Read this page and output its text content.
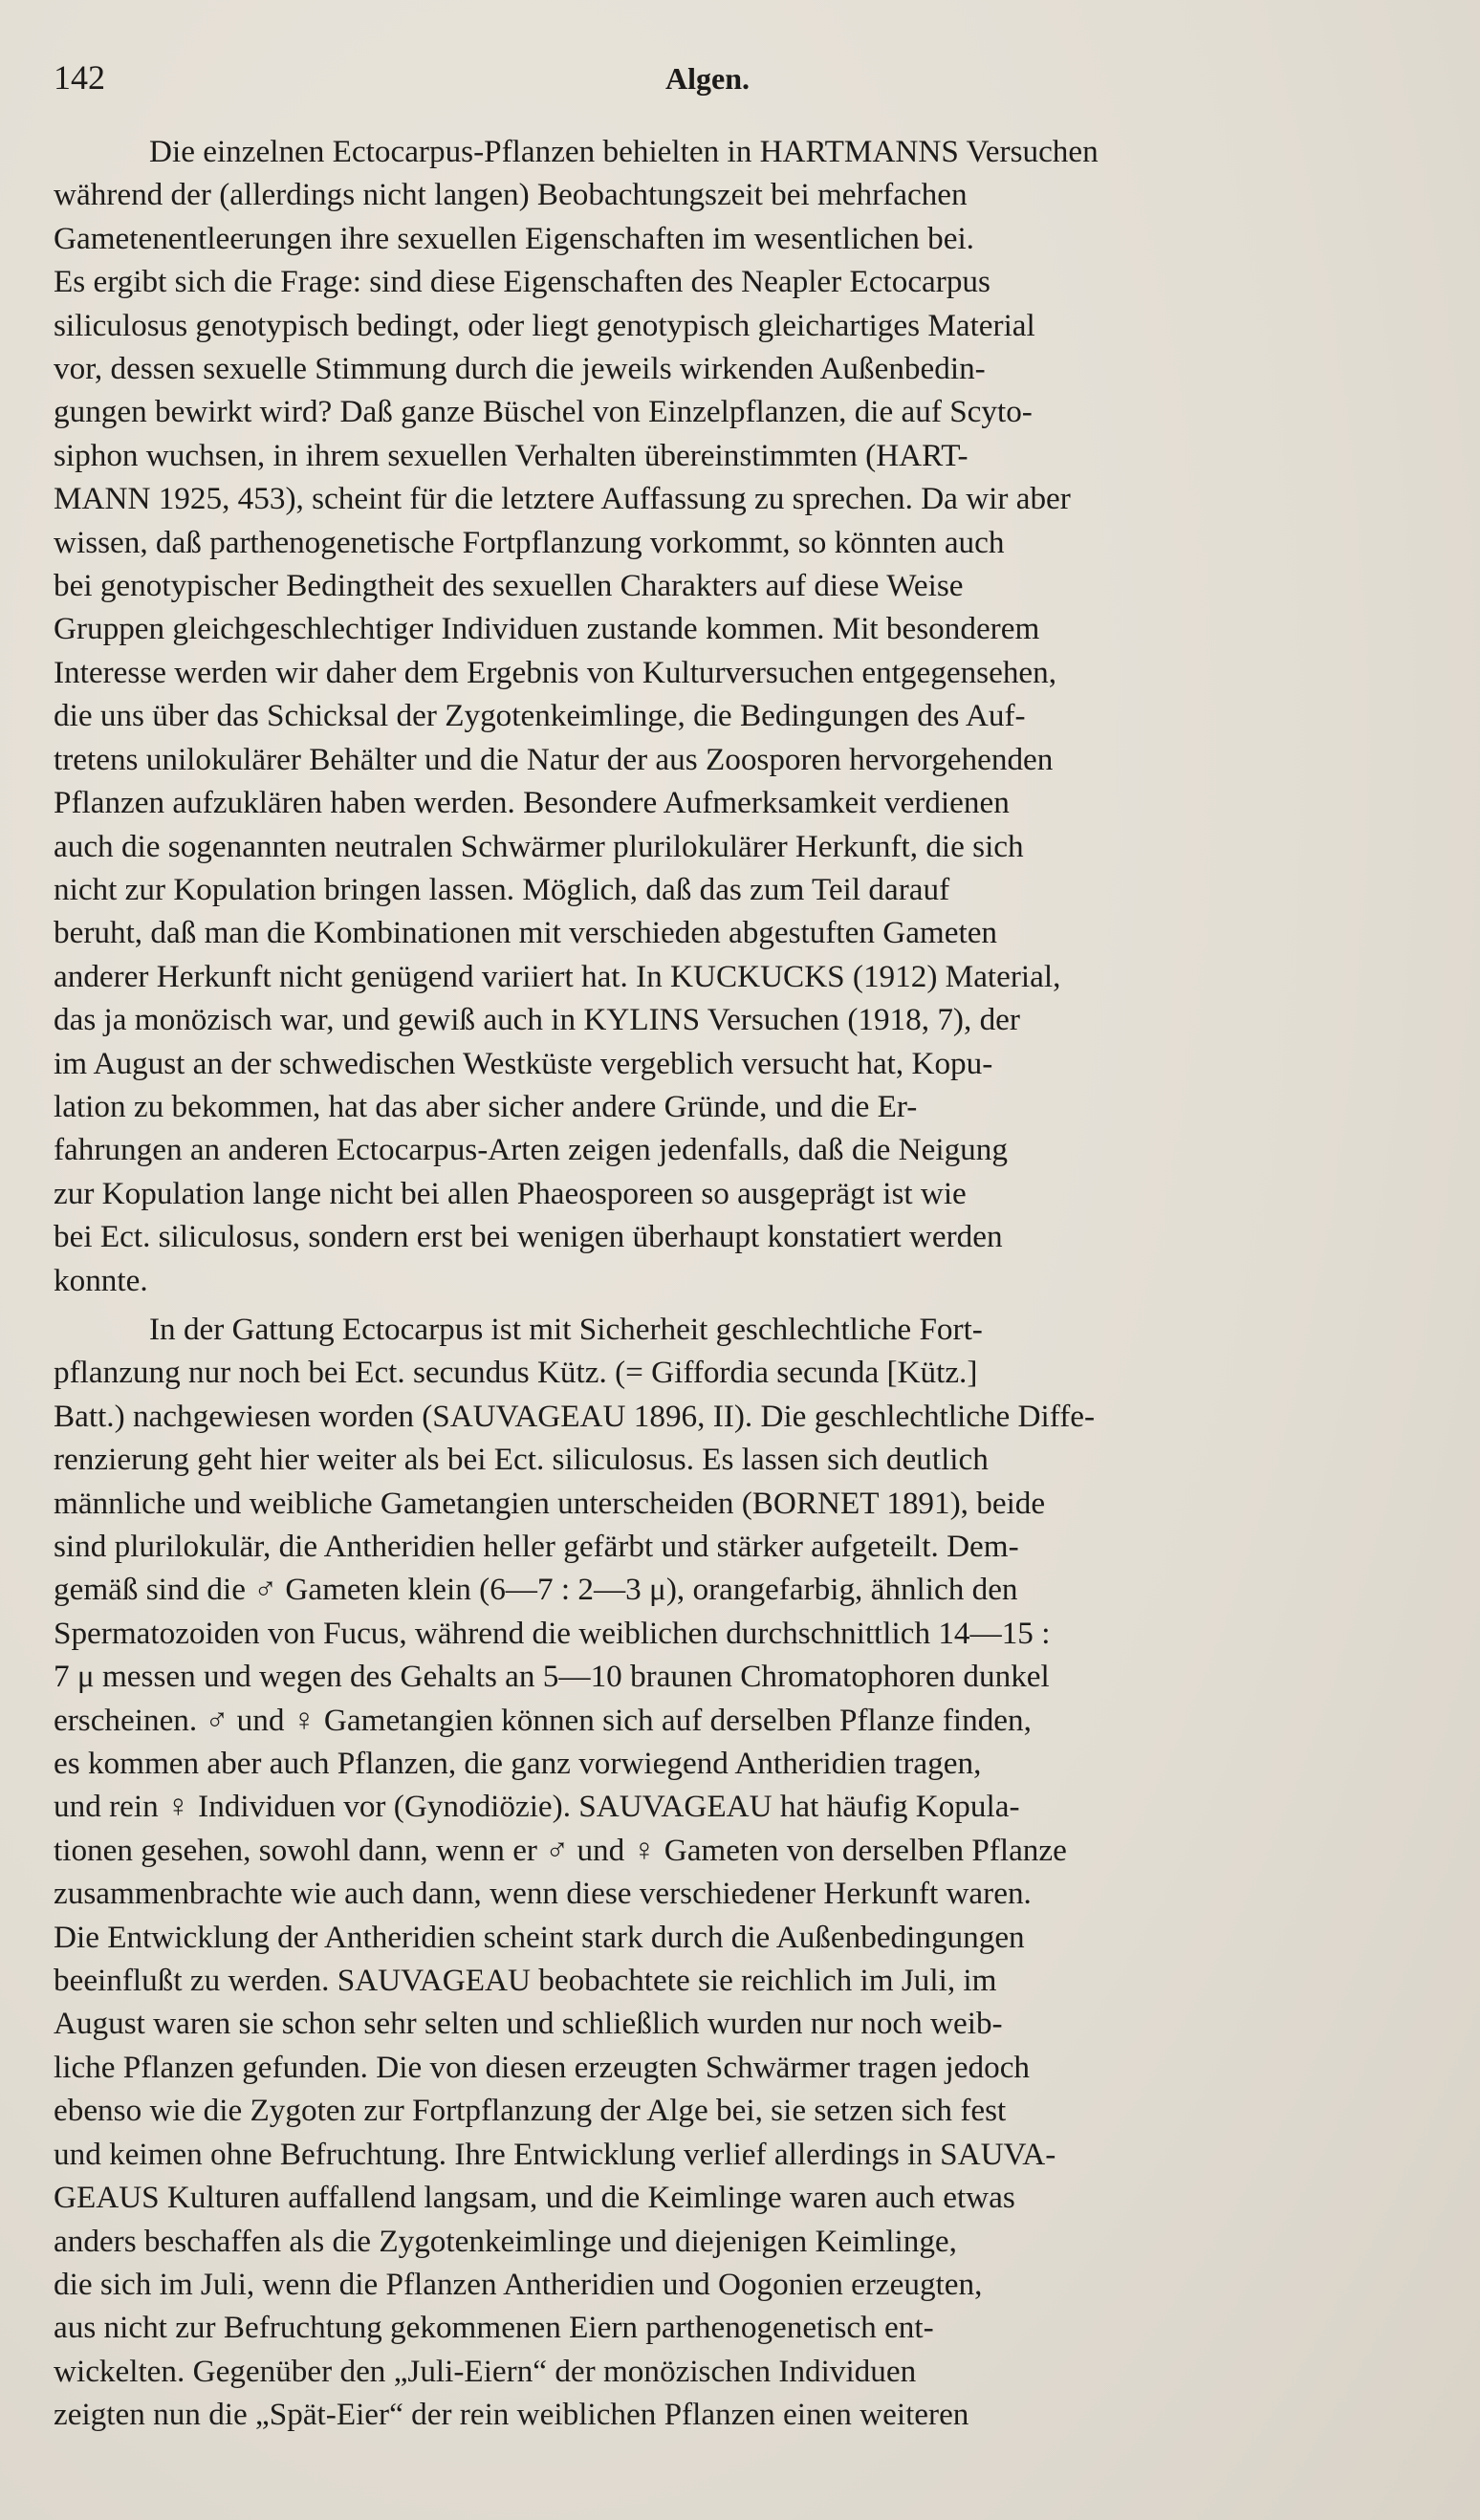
142	Algen.
Die einzelnen Ectocarpus-Pflanzen behielten in HARTMANNS Versuchen
während der (allerdings nicht langen) Beobachtungszeit bei mehrfachen
Gametenentleerungen ihre sexuellen Eigenschaften im wesentlichen bei.
Es ergibt sich die Frage: sind diese Eigenschaften des Neapler Ectocarpus
siliculosus genotypisch bedingt, oder liegt genotypisch gleichartiges Material
vor, dessen sexuelle Stimmung durch die jeweils wirkenden Außenbedin-
gungen bewirkt wird? Daß ganze Büschel von Einzelpflanzen, die auf Scyto-
siphon wuchsen, in ihrem sexuellen Verhalten übereinstimmten (HART-
MANN 1925, 453), scheint für die letztere Auffassung zu sprechen. Da wir aber
wissen, daß parthenogenetische Fortpflanzung vorkommt, so könnten auch
bei genotypischer Bedingtheit des sexuellen Charakters auf diese Weise
Gruppen gleichgeschlechtiger Individuen zustande kommen. Mit besonderem
Interesse werden wir daher dem Ergebnis von Kulturversuchen entgegensehen,
die uns über das Schicksal der Zygotenkeimlinge, die Bedingungen des Auf-
tretens unilokulärer Behälter und die Natur der aus Zoosporen hervorgehenden
Pflanzen aufzuklären haben werden. Besondere Aufmerksamkeit verdienen
auch die sogenannten neutralen Schwärmer plurilokulärer Herkunft, die sich
nicht zur Kopulation bringen lassen. Möglich, daß das zum Teil darauf
beruht, daß man die Kombinationen mit verschieden abgestuften Gameten
anderer Herkunft nicht genügend variiert hat. In KUCKUCKS (1912) Material,
das ja monözisch war, und gewiß auch in KYLINS Versuchen (1918, 7), der
im August an der schwedischen Westküste vergeblich versucht hat, Kopu-
lation zu bekommen, hat das aber sicher andere Gründe, und die Er-
fahrungen an anderen Ectocarpus-Arten zeigen jedenfalls, daß die Neigung
zur Kopulation lange nicht bei allen Phaeosporeen so ausgeprägt ist wie
bei Ect. siliculosus, sondern erst bei wenigen überhaupt konstatiert werden
konnte.
In der Gattung Ectocarpus ist mit Sicherheit geschlechtliche Fort-
pflanzung nur noch bei Ect. secundus Kütz. (= Giffordia secunda [Kütz.]
Batt.) nachgewiesen worden (SAUVAGEAU 1896, II). Die geschlechtliche Diffe-
renzierung geht hier weiter als bei Ect. siliculosus. Es lassen sich deutlich
männliche und weibliche Gametangien unterscheiden (BORNET 1891), beide
sind plurilokulär, die Antheridien heller gefärbt und stärker aufgeteilt. Dem-
gemäß sind die ♂ Gameten klein (6—7 : 2—3 μ), orangefarbig, ähnlich den
Spermatozoiden von Fucus, während die weiblichen durchschnittlich 14—15 :
7 μ messen und wegen des Gehalts an 5—10 braunen Chromatophoren dunkel
erscheinen. ♂ und ♀ Gametangien können sich auf derselben Pflanze finden,
es kommen aber auch Pflanzen, die ganz vorwiegend Antheridien tragen,
und rein ♀ Individuen vor (Gynodiözie). SAUVAGEAU hat häufig Kopula-
tionen gesehen, sowohl dann, wenn er ♂ und ♀ Gameten von derselben Pflanze
zusammenbrachte wie auch dann, wenn diese verschiedener Herkunft waren.
Die Entwicklung der Antheridien scheint stark durch die Außenbedingungen
beeinflußt zu werden. SAUVAGEAU beobachtete sie reichlich im Juli, im
August waren sie schon sehr selten und schließlich wurden nur noch weib-
liche Pflanzen gefunden. Die von diesen erzeugten Schwärmer tragen jedoch
ebenso wie die Zygoten zur Fortpflanzung der Alge bei, sie setzen sich fest
und keimen ohne Befruchtung. Ihre Entwicklung verlief allerdings in SAUVA-
GEAUS Kulturen auffallend langsam, und die Keimlinge waren auch etwas
anders beschaffen als die Zygotenkeimlinge und diejenigen Keimlinge,
die sich im Juli, wenn die Pflanzen Antheridien und Oogonien erzeugten,
aus nicht zur Befruchtung gekommenen Eiern parthenogenetisch ent-
wickelten. Gegenüber den „Juli-Eiern“ der monözischen Individuen
zeigten nun die „Spät-Eier“ der rein weiblichen Pflanzen einen weiteren
